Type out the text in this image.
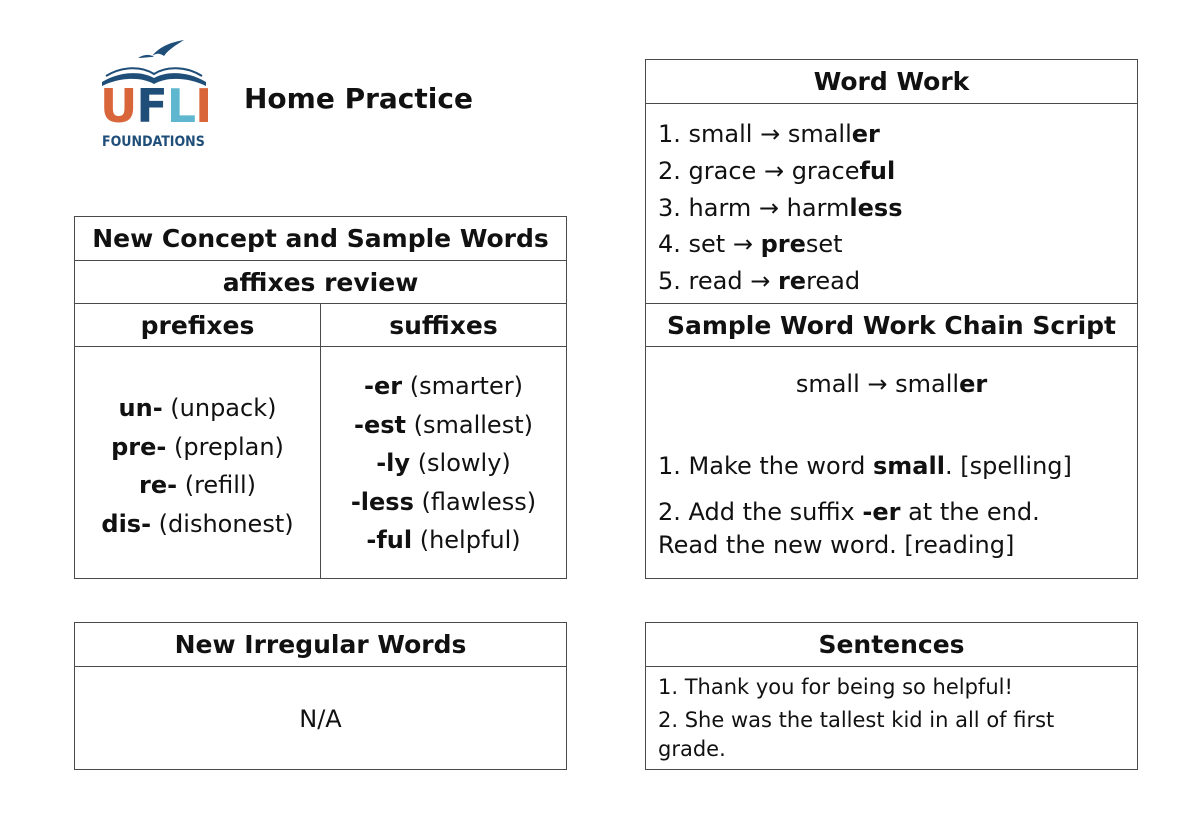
UFLI
FOUNDATIONS
Home Practice
New Concept and Sample Words
affixes review
prefixes	suffixes
un- (unpack)
pre- (preplan)
re- (refill)
dis- (dishonest)
-er (smarter)
-est (smallest)
-ly (slowly)
-less (flawless)
-ful (helpful)
Word Work
1. small → smaller
2. grace → graceful
3. harm → harmless
4. set → preset
5. read → reread
Sample Word Work Chain Script
small → smaller
1. Make the word small. [spelling]
2. Add the suffix -er at the end.
Read the new word. [reading]
New Irregular Words
N/A
Sentences
1. Thank you for being so helpful!
2. She was the tallest kid in all of first grade.
